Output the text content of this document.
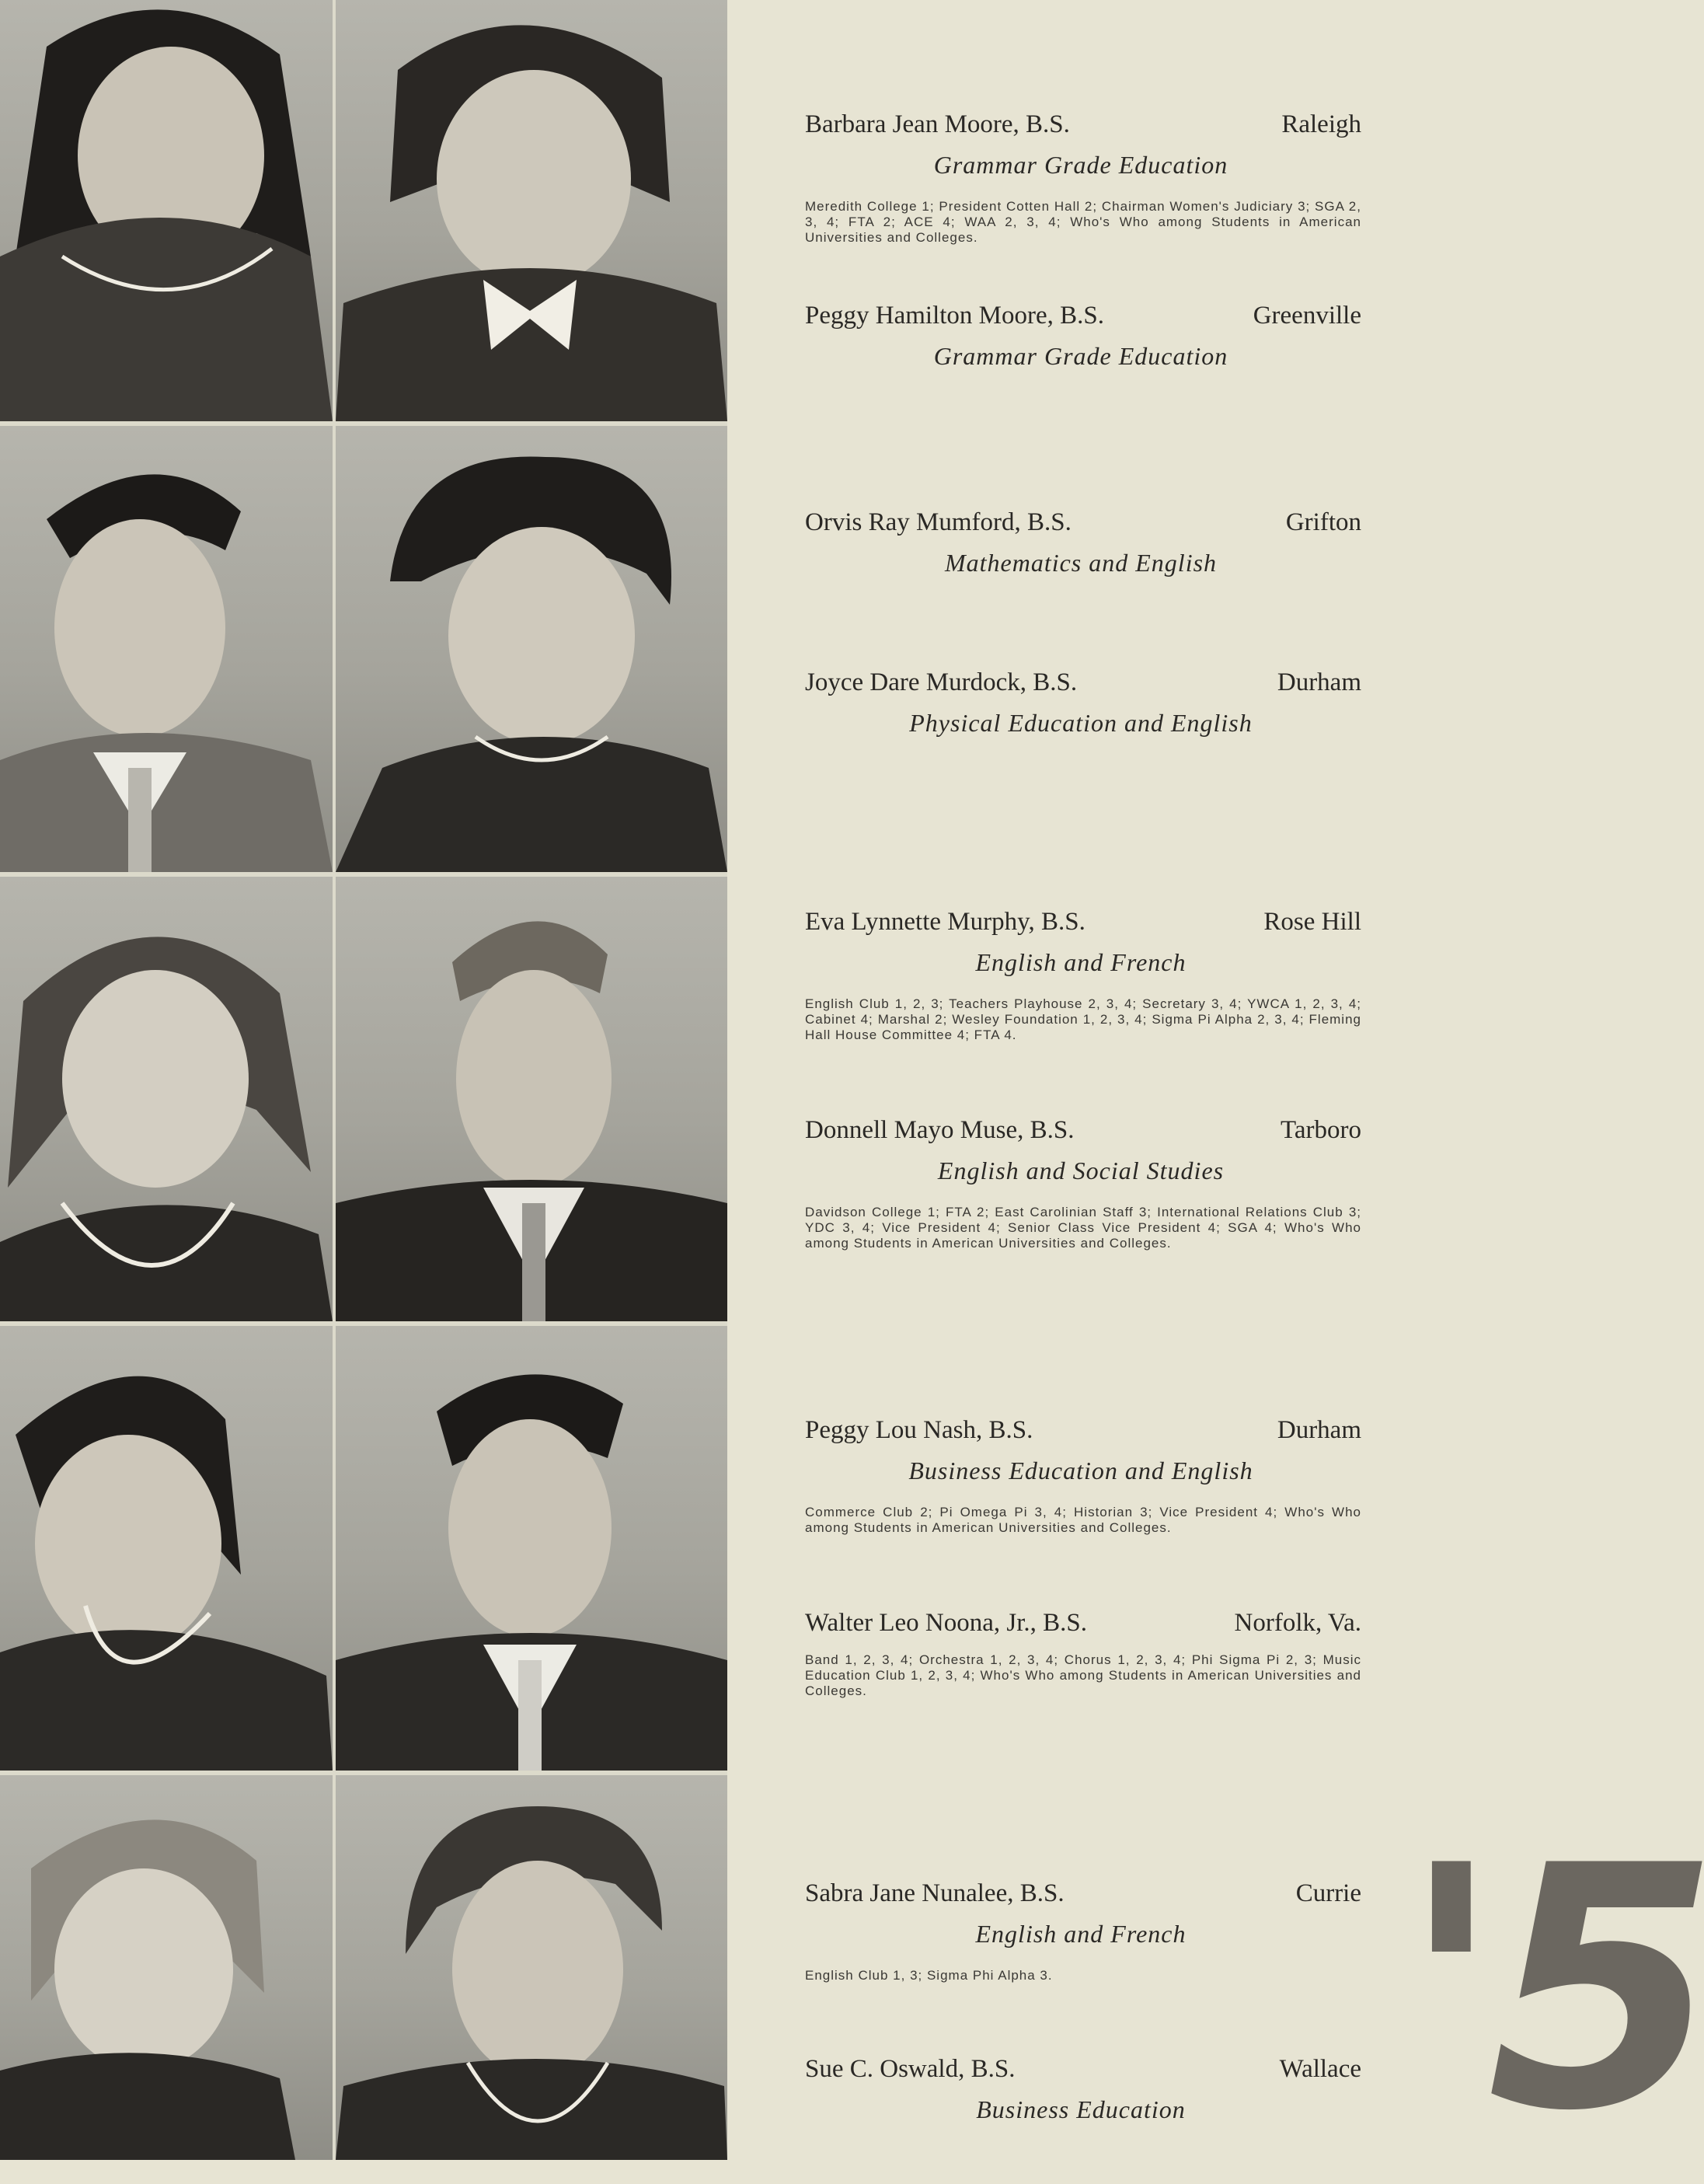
Barbara Jean Moore, B.S.	Raleigh
Grammar Grade Education
Meredith College 1; President Cotten Hall 2; Chairman Women's Judiciary 3; SGA 2, 3, 4; FTA 2; ACE 4; WAA 2, 3, 4; Who's Who among Students in American Universities and Colleges.
Peggy Hamilton Moore, B.S.	Greenville
Grammar Grade Education
Orvis Ray Mumford, B.S.	Grifton
Mathematics and English
Joyce Dare Murdock, B.S.	Durham
Physical Education and English
Eva Lynnette Murphy, B.S.	Rose Hill
English and French
English Club 1, 2, 3; Teachers Playhouse 2, 3, 4; Secretary 3, 4; YWCA 1, 2, 3, 4; Cabinet 4; Marshal 2; Wesley Foundation 1, 2, 3, 4; Sigma Pi Alpha 2, 3, 4; Fleming Hall House Committee 4; FTA 4.
Donnell Mayo Muse, B.S.	Tarboro
English and Social Studies
Davidson College 1; FTA 2; East Carolinian Staff 3; International Relations Club 3; YDC 3, 4; Vice President 4; Senior Class Vice President 4; SGA 4; Who's Who among Students in American Universities and Colleges.
Peggy Lou Nash, B.S.	Durham
Business Education and English
Commerce Club 2; Pi Omega Pi 3, 4; Historian 3; Vice President 4; Who's Who among Students in American Universities and Colleges.
Walter Leo Noona, Jr., B.S.	Norfolk, Va.
Band 1, 2, 3, 4; Orchestra 1, 2, 3, 4; Chorus 1, 2, 3, 4; Phi Sigma Pi 2, 3; Music Education Club 1, 2, 3, 4; Who's Who among Students in American Universities and Colleges.
Sabra Jane Nunalee, B.S.	Currie
English and French
English Club 1, 3; Sigma Phi Alpha 3.
Sue C. Oswald, B.S.	Wallace
Business Education '5
